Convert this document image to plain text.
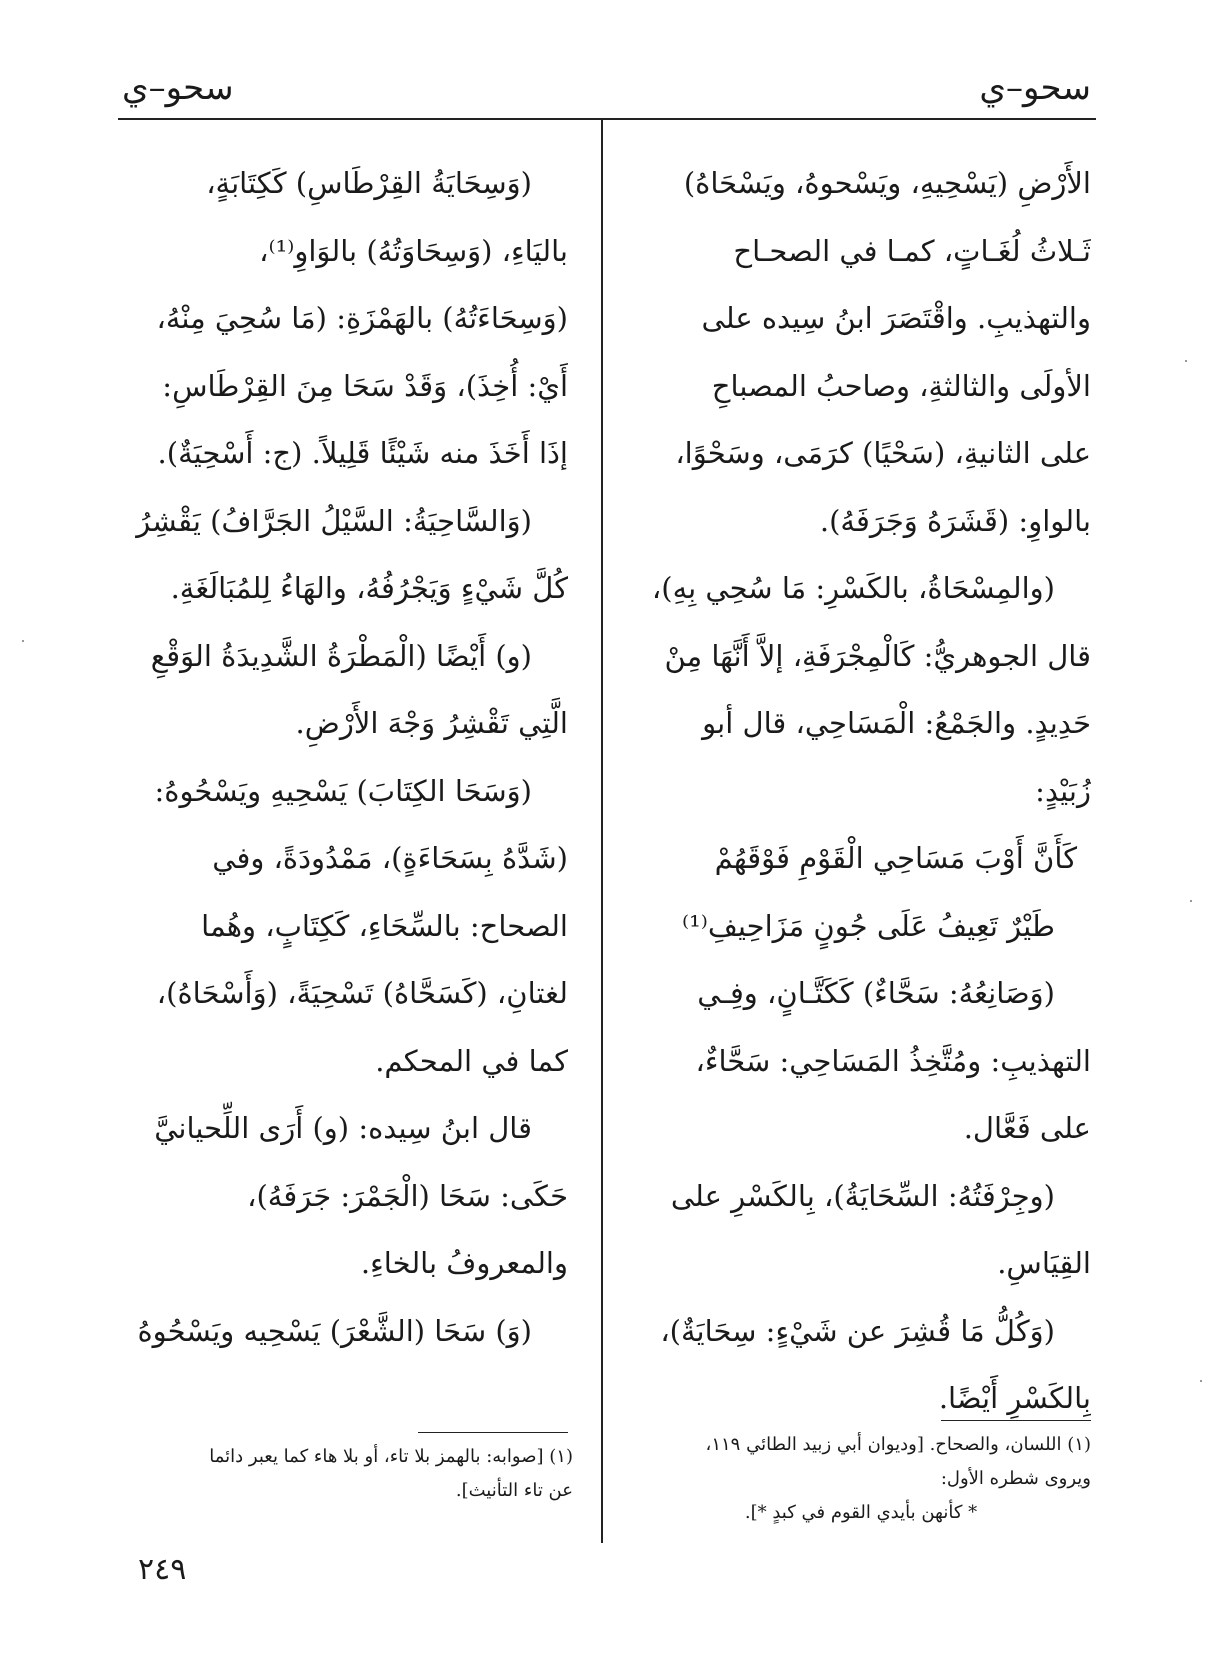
سحو–ي
سحو–ي
الأَرْضِ (يَسْحِيهِ، ويَسْحوهُ، ويَسْحَاهُ)
ثَـلاثُ لُغَـاتٍ، كمـا في الصحـاح
والتهذيبِ. واقْتَصَرَ ابنُ سِيده على
الأولَى والثالثةِ، وصاحبُ المصباحِ
على الثانيةِ، (سَحْيًا) كرَمَى، وسَحْوًا،
بالواوِ: (قَشَرَهُ وَجَرَفَهُ).
(والمِسْحَاةُ، بالكَسْرِ: مَا سُحِي بِهِ)،
قال الجوهريُّ: كَالْمِجْرَفَةِ، إلاَّ أَنَّهَا مِنْ
حَدِيدٍ. والجَمْعُ: الْمَسَاحِي، قال أبو
زُبَيْدٍ:
كَأَنَّ أَوْبَ مَسَاحِي الْقَوْمِ فَوْقَهُمْ
طَيْرٌ تَعِيفُ عَلَى جُونٍ مَزَاحِيفِ⁽¹⁾
(وَصَانِعُهُ: سَحَّاءٌ) كَكَتَّـانٍ، وفِـي
التهذيبِ: ومُتَّخِذُ المَسَاحِي: سَحَّاءٌ،
على فَعَّال.
(وجِرْفَتُهُ: السِّحَايَةُ)، بِالكَسْرِ على
القِيَاسِ.
(وَكُلُّ مَا قُشِرَ عن شَيْءٍ: سِحَايَةٌ)،
بِالكَسْرِ أَيْضًا.
(وَسِحَايَةُ القِرْطَاسِ) كَكِتَابَةٍ،
باليَاءِ، (وَسِحَاوَتُهُ) بالوَاوِ⁽¹⁾،
(وَسِحَاءَتُهُ) بالهَمْزَةِ: (مَا سُحِيَ مِنْهُ،
أَيْ: أُخِذَ)، وَقَدْ سَحَا مِنَ القِرْطَاسِ:
إذَا أَخَذَ منه شَيْئًا قَلِيلاً. (ج: أَسْحِيَةٌ).
(وَالسَّاحِيَةُ: السَّيْلُ الجَرَّافُ) يَقْشِرُ
كُلَّ شَيْءٍ وَيَجْرُفُهُ، والهَاءُ لِلمُبَالَغَةِ.
(و) أَيْضًا (الْمَطْرَةُ الشَّدِيدَةُ الوَقْعِ
الَّتِي تَقْشِرُ وَجْهَ الأَرْضِ.
(وَسَحَا الكِتَابَ) يَسْحِيهِ ويَسْحُوهُ:
(شَدَّهُ بِسَحَاءَةٍ)، مَمْدُودَةً، وفي
الصحاح: بالسِّحَاءِ، كَكِتَابٍ، وهُما
لغتانِ، (كَسَحَّاهُ) تَسْحِيَةً، (وَأَسْحَاهُ)،
كما في المحكم.
قال ابنُ سِيده: (و) أَرَى اللِّحيانيَّ
حَكَى: سَحَا (الْجَمْرَ: جَرَفَهُ)،
والمعروفُ بالخاءِ.
(وَ) سَحَا (الشَّعْرَ) يَسْحِيه ويَسْحُوهُ
(١) اللسان، والصحاح. [وديوان أبي زبيد الطائي ١١٩،
ويروى شطره الأول:
* كأنهن بأيدي القوم في كبدٍ *].
(١) [صوابه: بالهمز بلا تاء، أو بلا هاء كما يعبر دائما
عن تاء التأنيث].
٢٤٩
